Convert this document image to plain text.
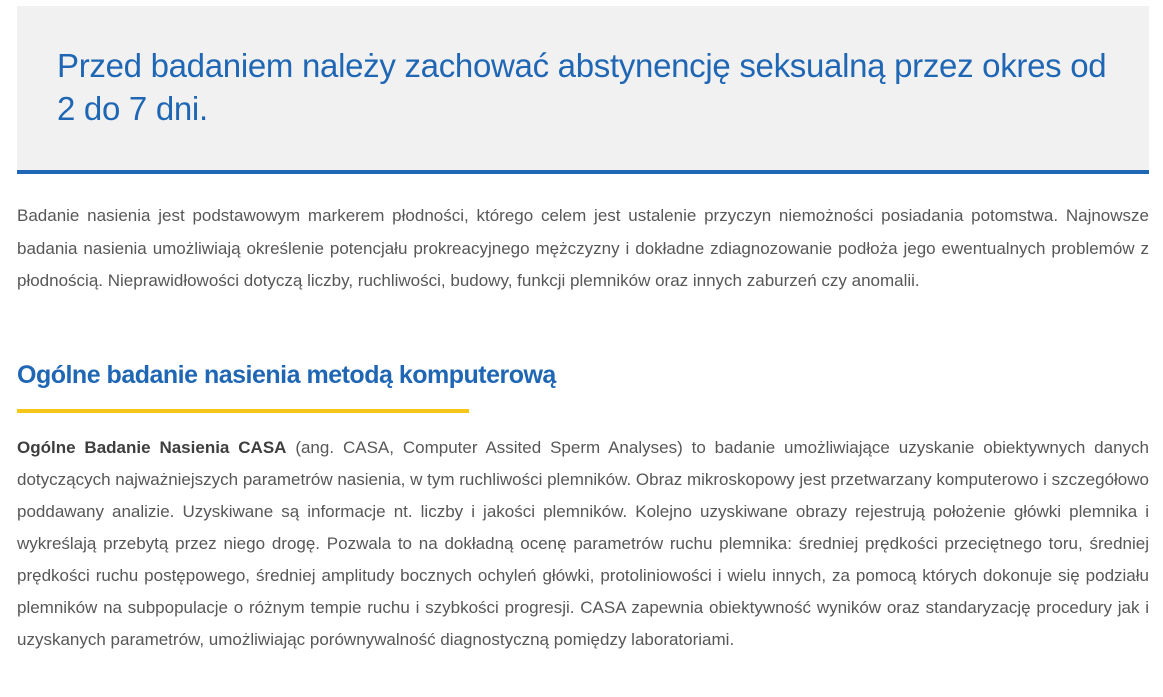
Przed badaniem należy zachować abstynencję seksualną przez okres od 2 do 7 dni.

Badanie nasienia jest podstawowym markerem płodności, którego celem jest ustalenie przyczyn niemożności posiadania potomstwa. Najnowsze badania nasienia umożliwiają określenie potencjału prokreacyjnego mężczyzny i dokładne zdiagnozowanie podłoża jego ewentualnych problemów z płodnością. Nieprawidłowości dotyczą liczby, ruchliwości, budowy, funkcji plemników oraz innych zaburzeń czy anomalii.

Ogólne badanie nasienia metodą komputerową

Ogólne Badanie Nasienia CASA (ang. CASA, Computer Assited Sperm Analyses) to badanie umożliwiające uzyskanie obiektywnych danych dotyczących najważniejszych parametrów nasienia, w tym ruchliwości plemników. Obraz mikroskopowy jest przetwarzany komputerowo i szczegółowo poddawany analizie. Uzyskiwane są informacje nt. liczby i jakości plemników. Kolejno uzyskiwane obrazy rejestrują położenie główki plemnika i wykreślają przebytą przez niego drogę. Pozwala to na dokładną ocenę parametrów ruchu plemnika: średniej prędkości przeciętnego toru, średniej prędkości ruchu postępowego, średniej amplitudy bocznych ochyleń główki, protoliniowości i wielu innych, za pomocą których dokonuje się podziału plemników na subpopulacje o różnym tempie ruchu i szybkości progresji. CASA zapewnia obiektywność wyników oraz standaryzację procedury jak i uzyskanych parametrów, umożliwiając porównywalność diagnostyczną pomiędzy laboratoriami.
